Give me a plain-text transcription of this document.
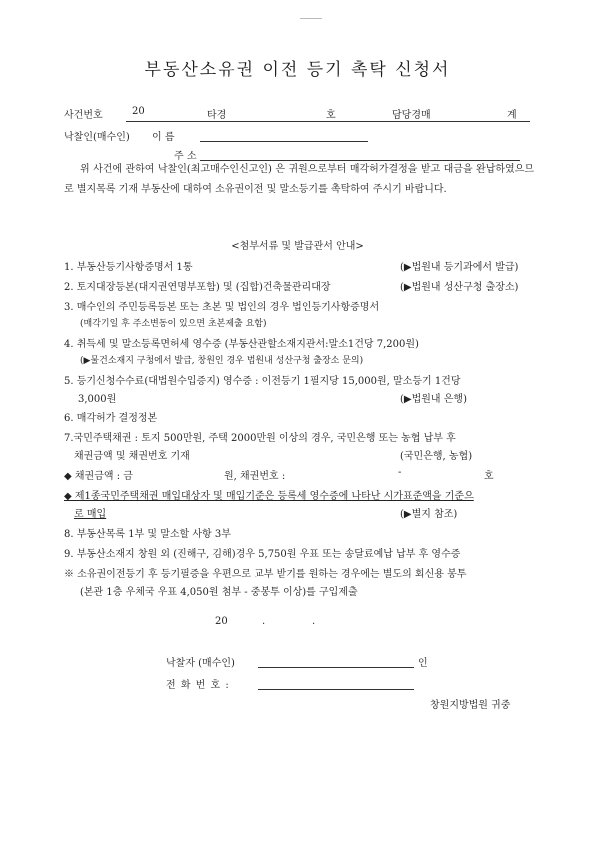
부동산소유권 이전 등기 촉탁 신청서
사건번호	20	타경	호	담당경매	계
낙찰인(매수인) 이 름
주 소
위 사건에 관하여 낙찰인(최고매수인신고인) 은 귀원으로부터 매각허가결정을 받고 대금을 완납하였으므로 별지목록 기재 부동산에 대하여 소유권이전 및 말소등기를 촉탁하여 주시기 바랍니다.
<첨부서류 및 발급관서 안내>
1. 부동산등기사항증명서 1통	(▶법원내 등기과에서 발급)
2. 토지대장등본(대지권연명부포함) 및 (집합)건축물관리대장	(▶법원내 성산구청 출장소)
3. 매수인의 주민등록등본 또는 초본 및 법인의 경우 법인등기사항증명서
(매각기일 후 주소변동이 있으면 초본제출 요함)
4. 취득세 및 말소등록면허세 영수증 (부동산관할소재지관서:말소1건당 7,200원)
(▶물건소재지 구청에서 발급, 창원인 경우 법원내 성산구청 출장소 문의)
5. 등기신청수수료(대법원수입증지) 영수증 : 이전등기 1필지당 15,000원, 말소등기 1건당
3,000원	(▶법원내 은행)
6. 매각허가 결정정본
7.국민주택채권 : 토지 500만원, 주택 2000만원 이상의 경우, 국민은행 또는 농협 납부 후
채권금액 및 채권번호 기재	(국민은행, 농협)
◆ 채권금액 : 금	원, 채권번호 :	-	호
◆ 제1종국민주택채권 매입대상자 및 매입기준은 등록세 영수증에 나타난 시가표준액을 기준으
로 매입	(▶별지 참조)
8. 부동산목록 1부 및 말소할 사항 3부
9. 부동산소재지 창원 외 (진해구, 김해)경우 5,750원 우표 또는 송달료예납 납부 후 영수증
※ 소유권이전등기 후 등기필증을 우편으로 교부 받기를 원하는 경우에는 별도의 회신용 봉투
(본관 1층 우체국 우표 4,050원 첨부 - 중봉투 이상)를 구입제출
20	.	.
낙찰자 (매수인)	인
전 화 번 호 :
창원지방법원 귀중
